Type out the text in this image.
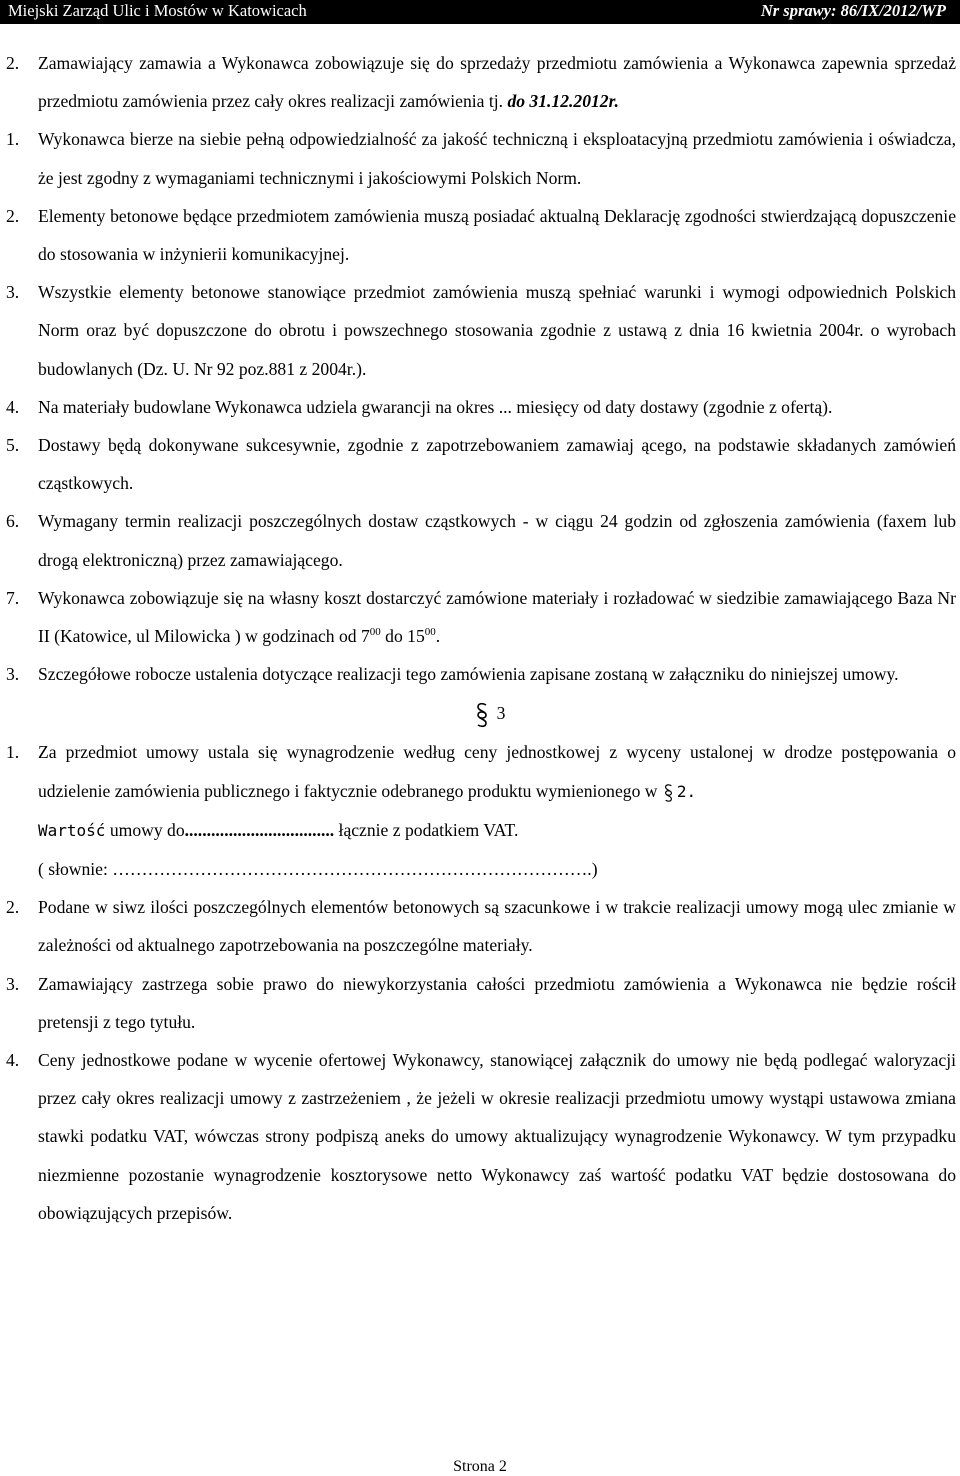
Miejski Zarząd Ulic i Mostów w Katowicach	Nr sprawy: 86/IX/2012/WP
2. Zamawiający zamawia a Wykonawca zobowiązuje się do sprzedaży przedmiotu zamówienia a Wykonawca zapewnia sprzedaż przedmiotu zamówienia przez cały okres realizacji zamówienia tj. do 31.12.2012r.
1. Wykonawca bierze na siebie pełną odpowiedzialność za jakość techniczną i eksploatacyjną przedmiotu zamówienia i oświadcza, że jest zgodny z wymaganiami technicznymi i jakościowymi Polskich Norm.
2. Elementy betonowe będące przedmiotem zamówienia muszą posiadać aktualną Deklarację zgodności stwierdzającą dopuszczenie do stosowania w inżynierii komunikacyjnej.
3. Wszystkie elementy betonowe stanowiące przedmiot zamówienia muszą spełniać warunki i wymogi odpowiednich Polskich Norm oraz być dopuszczone do obrotu i powszechnego stosowania zgodnie z ustawą z dnia 16 kwietnia 2004r. o wyrobach budowlanych (Dz. U. Nr 92 poz.881 z 2004r.).
4. Na materiały budowlane Wykonawca udziela gwarancji na okres ... miesięcy od daty dostawy (zgodnie z ofertą).
5. Dostawy będą dokonywane sukcesywnie, zgodnie z zapotrzebowaniem zamawiaj ącego, na podstawie składanych zamówień cząstkowych.
6. Wymagany termin realizacji poszczególnych dostaw cząstkowych - w ciągu 24 godzin od zgłoszenia zamówienia (faxem lub drogą elektroniczną) przez zamawiającego.
7. Wykonawca zobowiązuje się na własny koszt dostarczyć zamówione materiały i rozładować w siedzibie zamawiającego Baza Nr II (Katowice, ul Milowicka ) w godzinach od $7^{00}$ do $15^{00}$.
3. Szczegółowe robocze ustalenia dotyczące realizacji tego zamówienia zapisane zostaną w załączniku do niniejszej umowy.
3
1. Za przedmiot umowy ustala się wynagrodzenie według ceny jednostkowej z wyceny ustalonej w drodze postępowania o udzielenie zamówienia publicznego i faktycznie odebranego produktu wymienionego w 2.
Wartość umowy do.................................. łącznie z podatkiem VAT.
( słownie: ……………………………………………………………………….)
2. Podane w siwz ilości poszczególnych elementów betonowych są szacunkowe i w trakcie realizacji umowy mogą ulec zmianie w zależności od aktualnego zapotrzebowania na poszczególne materiały.
3. Zamawiający zastrzega sobie prawo do niewykorzystania całości przedmiotu zamówienia a Wykonawca nie będzie rościł pretensji z tego tytułu.
4. Ceny jednostkowe podane w wycenie ofertowej Wykonawcy, stanowiącej załącznik do umowy nie będą podlegać waloryzacji przez cały okres realizacji umowy z zastrzeżeniem , że jeżeli w okresie realizacji przedmiotu umowy wystąpi ustawowa zmiana stawki podatku VAT, wówczas strony podpiszą aneks do umowy aktualizujący wynagrodzenie Wykonawcy. W tym przypadku niezmienne pozostanie wynagrodzenie kosztorysowe netto Wykonawcy zaś wartość podatku VAT będzie dostosowana do obowiązujących przepisów.
Strona 2
